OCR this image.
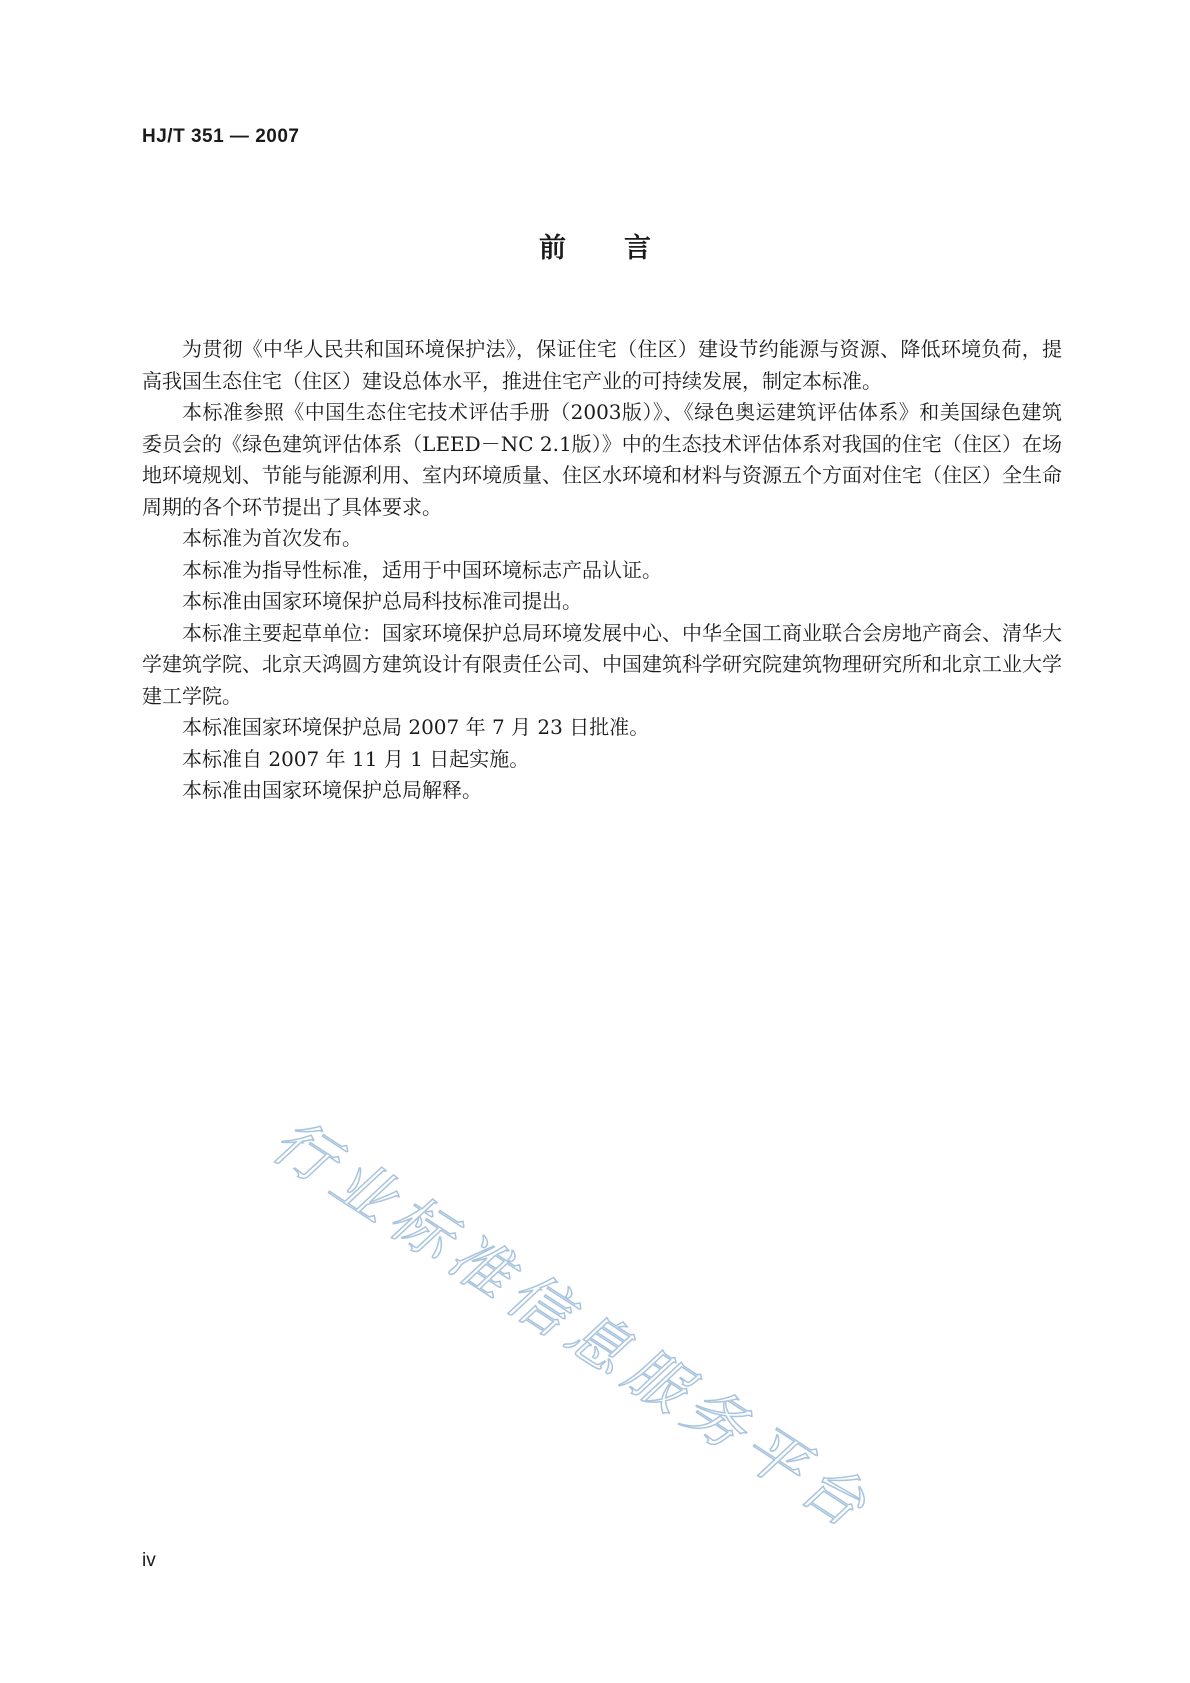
HJ/T 351 — 2007
前言

为贯彻《中华人民共和国环境保护法》，保证住宅（住区）建设节约能源与资源、降低环境负荷，提高我国生态住宅（住区）建设总体水平，推进住宅产业的可持续发展，制定本标准。

本标准参照《中国生态住宅技术评估手册（2003版）》、《绿色奥运建筑评估体系》和美国绿色建筑委员会的《绿色建筑评估体系（LEED－NC 2.1版）》中的生态技术评估体系对我国的住宅（住区）在场地环境规划、节能与能源利用、室内环境质量、住区水环境和材料与资源五个方面对住宅（住区）全生命周期的各个环节提出了具体要求。

本标准为首次发布。

本标准为指导性标准，适用于中国环境标志产品认证。

本标准由国家环境保护总局科技标准司提出。

本标准主要起草单位：国家环境保护总局环境发展中心、中华全国工商业联合会房地产商会、清华大学建筑学院、北京天鸿圆方建筑设计有限责任公司、中国建筑科学研究院建筑物理研究所和北京工业大学建工学院。

本标准国家环境保护总局 2007 年 7 月 23 日批准。

本标准自 2007 年 11 月 1 日起实施。

本标准由国家环境保护总局解释。

行业标准信息服务平台
iv
